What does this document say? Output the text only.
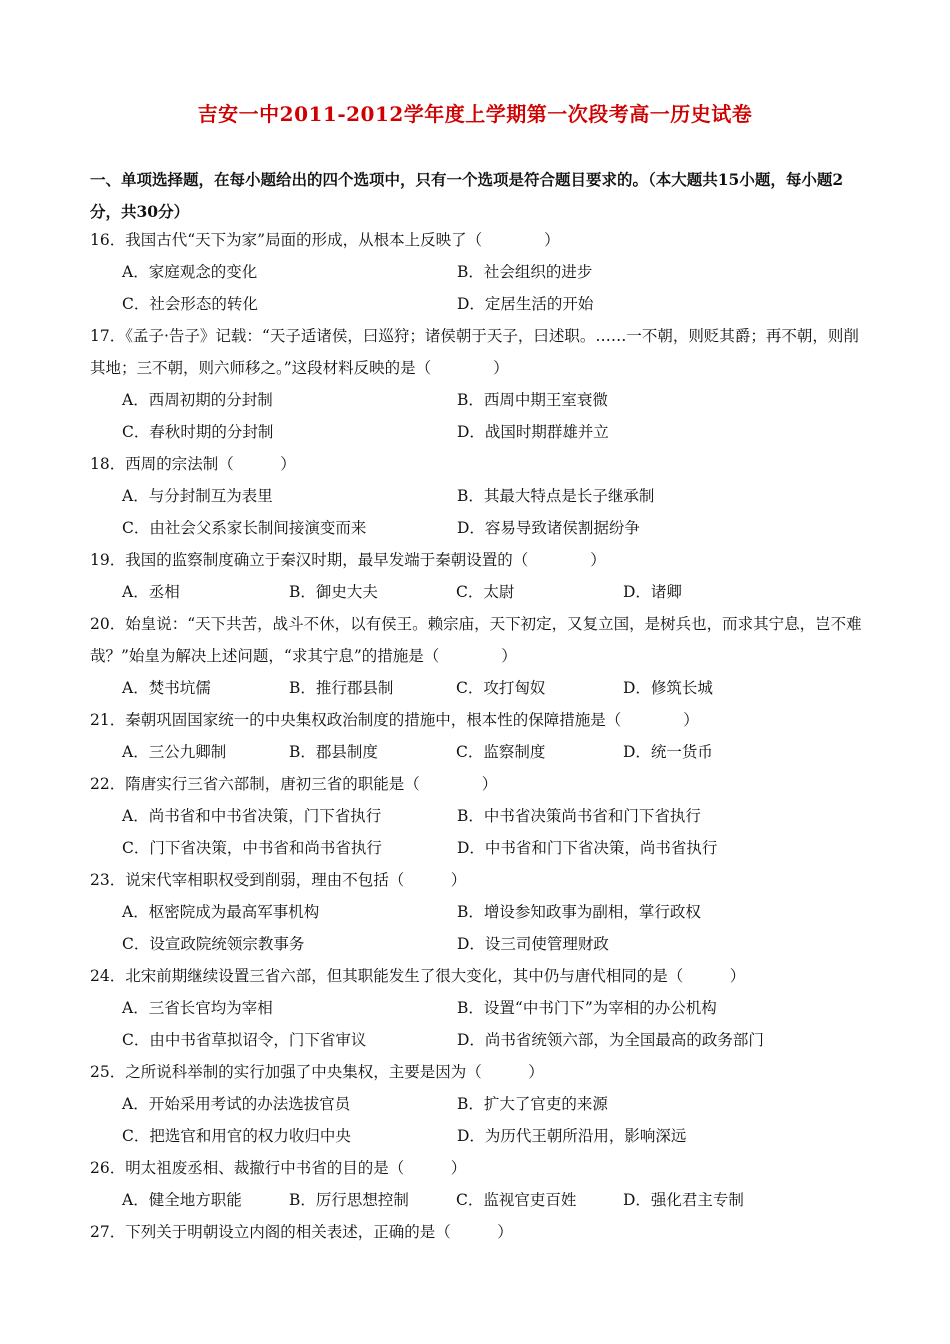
吉安一中2011-2012学年度上学期第一次段考高一历史试卷
一、单项选择题，在每小题给出的四个选项中，只有一个选项是符合题目要求的。（本大题共15小题，每小题2分，共30分）
16．我国古代“天下为家”局面的形成，从根本上反映了（　　　　）
A．家庭观念的变化	B．社会组织的进步
C．社会形态的转化	D．定居生活的开始
17．《孟子·告子》记载：“天子适诸侯，曰巡狩；诸侯朝于天子，曰述职。……一不朝，则贬其爵；再不朝，则削其地；三不朝，则六师移之。”这段材料反映的是（　　　　）
A．西周初期的分封制	B．西周中期王室衰微
C．春秋时期的分封制	D．战国时期群雄并立
18．西周的宗法制（　　　）
A．与分封制互为表里	B．其最大特点是长子继承制
C．由社会父系家长制间接演变而来	D．容易导致诸侯割据纷争
19．我国的监察制度确立于秦汉时期，最早发端于秦朝设置的（　　　　）
A．丞相	B．御史大夫	C．太尉	D．诸卿
20．始皇说：“天下共苦，战斗不休，以有侯王。赖宗庙，天下初定，又复立国，是树兵也，而求其宁息，岂不难哉？”始皇为解决上述问题，“求其宁息”的措施是（　　　　）
A．焚书坑儒	B．推行郡县制	C．攻打匈奴	D．修筑长城
21．秦朝巩固国家统一的中央集权政治制度的措施中，根本性的保障措施是（　　　　）
A．三公九卿制	B．郡县制度	C．监察制度	D．统一货币
22．隋唐实行三省六部制，唐初三省的职能是（　　　　）
A．尚书省和中书省决策，门下省执行	B．中书省决策尚书省和门下省执行
C．门下省决策，中书省和尚书省执行	D．中书省和门下省决策，尚书省执行
23．说宋代宰相职权受到削弱，理由不包括（　　　）
A．枢密院成为最高军事机构	B．增设参知政事为副相，掌行政权
C．设宣政院统领宗教事务	D．设三司使管理财政
24．北宋前期继续设置三省六部，但其职能发生了很大变化，其中仍与唐代相同的是（　　　）
A．三省长官均为宰相	B．设置“中书门下”为宰相的办公机构
C．由中书省草拟诏令，门下省审议	D．尚书省统领六部，为全国最高的政务部门
25．之所说科举制的实行加强了中央集权，主要是因为（　　　）
A．开始采用考试的办法选拔官员	B．扩大了官吏的来源
C．把选官和用官的权力收归中央	D．为历代王朝所沿用，影响深远
26．明太祖废丞相、裁撤行中书省的目的是（　　　）
A．健全地方职能	B．厉行思想控制	C．监视官吏百姓	D．强化君主专制
27．下列关于明朝设立内阁的相关表述，正确的是（　　　）
